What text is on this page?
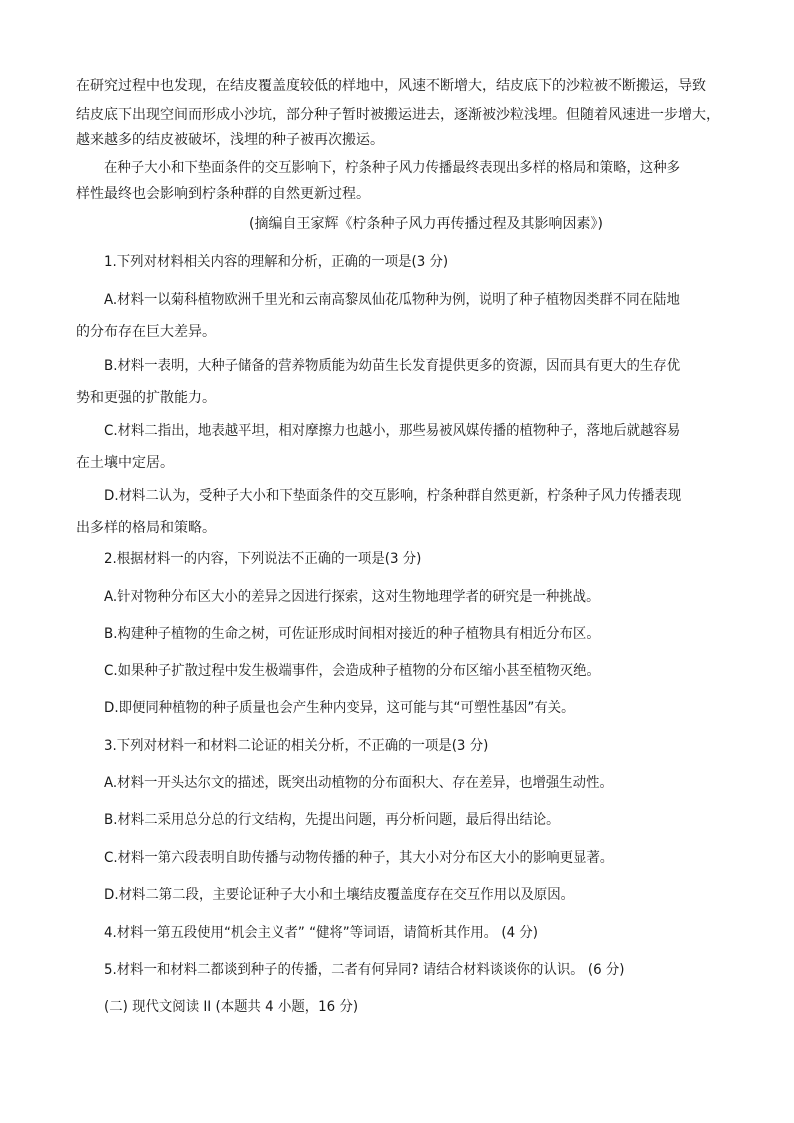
在研究过程中也发现，在结皮覆盖度较低的样地中，风速不断增大，结皮底下的沙粒被不断搬运，导致
结皮底下出现空间而形成小沙坑，部分种子暂时被搬运进去，逐渐被沙粒浅埋。但随着风速进一步增大，
越来越多的结皮被破坏，浅埋的种子被再次搬运。
在种子大小和下垫面条件的交互影响下，柠条种子风力传播最终表现出多样的格局和策略，这种多
样性最终也会影响到柠条种群的自然更新过程。
(摘编自王家辉《柠条种子风力再传播过程及其影响因素》)
1.下列对材料相关内容的理解和分析，正确的一项是(3 分)
A.材料一以菊科植物欧洲千里光和云南高黎凤仙花瓜物种为例，说明了种子植物因类群不同在陆地
的分布存在巨大差异。
B.材料一表明，大种子储备的营养物质能为幼苗生长发育提供更多的资源，因而具有更大的生存优
势和更强的扩散能力。
C.材料二指出，地表越平坦，相对摩擦力也越小，那些易被风媒传播的植物种子，落地后就越容易
在土壤中定居。
D.材料二认为，受种子大小和下垫面条件的交互影响，柠条种群自然更新，柠条种子风力传播表现
出多样的格局和策略。
2.根据材料一的内容，下列说法不正确的一项是(3 分)
A.针对物种分布区大小的差异之因进行探索，这对生物地理学者的研究是一种挑战。
B.构建种子植物的生命之树，可佐证形成时间相对接近的种子植物具有相近分布区。
C.如果种子扩散过程中发生极端事件，会造成种子植物的分布区缩小甚至植物灭绝。
D.即便同种植物的种子质量也会产生种内变异，这可能与其“可塑性基因”有关。
3.下列对材料一和材料二论证的相关分析，不正确的一项是(3 分)
A.材料一开头达尔文的描述，既突出动植物的分布面积大、存在差异，也增强生动性。
B.材料二采用总分总的行文结构，先提出问题，再分析问题，最后得出结论。
C.材料一第六段表明自助传播与动物传播的种子，其大小对分布区大小的影响更显著。
D.材料二第二段，主要论证种子大小和土壤结皮覆盖度存在交互作用以及原因。
4.材料一第五段使用“机会主义者” “健将”等词语，请简析其作用。 (4 分)
5.材料一和材料二都谈到种子的传播，二者有何异同? 请结合材料谈谈你的认识。 (6 分)
(二) 现代文阅读 II (本题共 4 小题，16 分)
